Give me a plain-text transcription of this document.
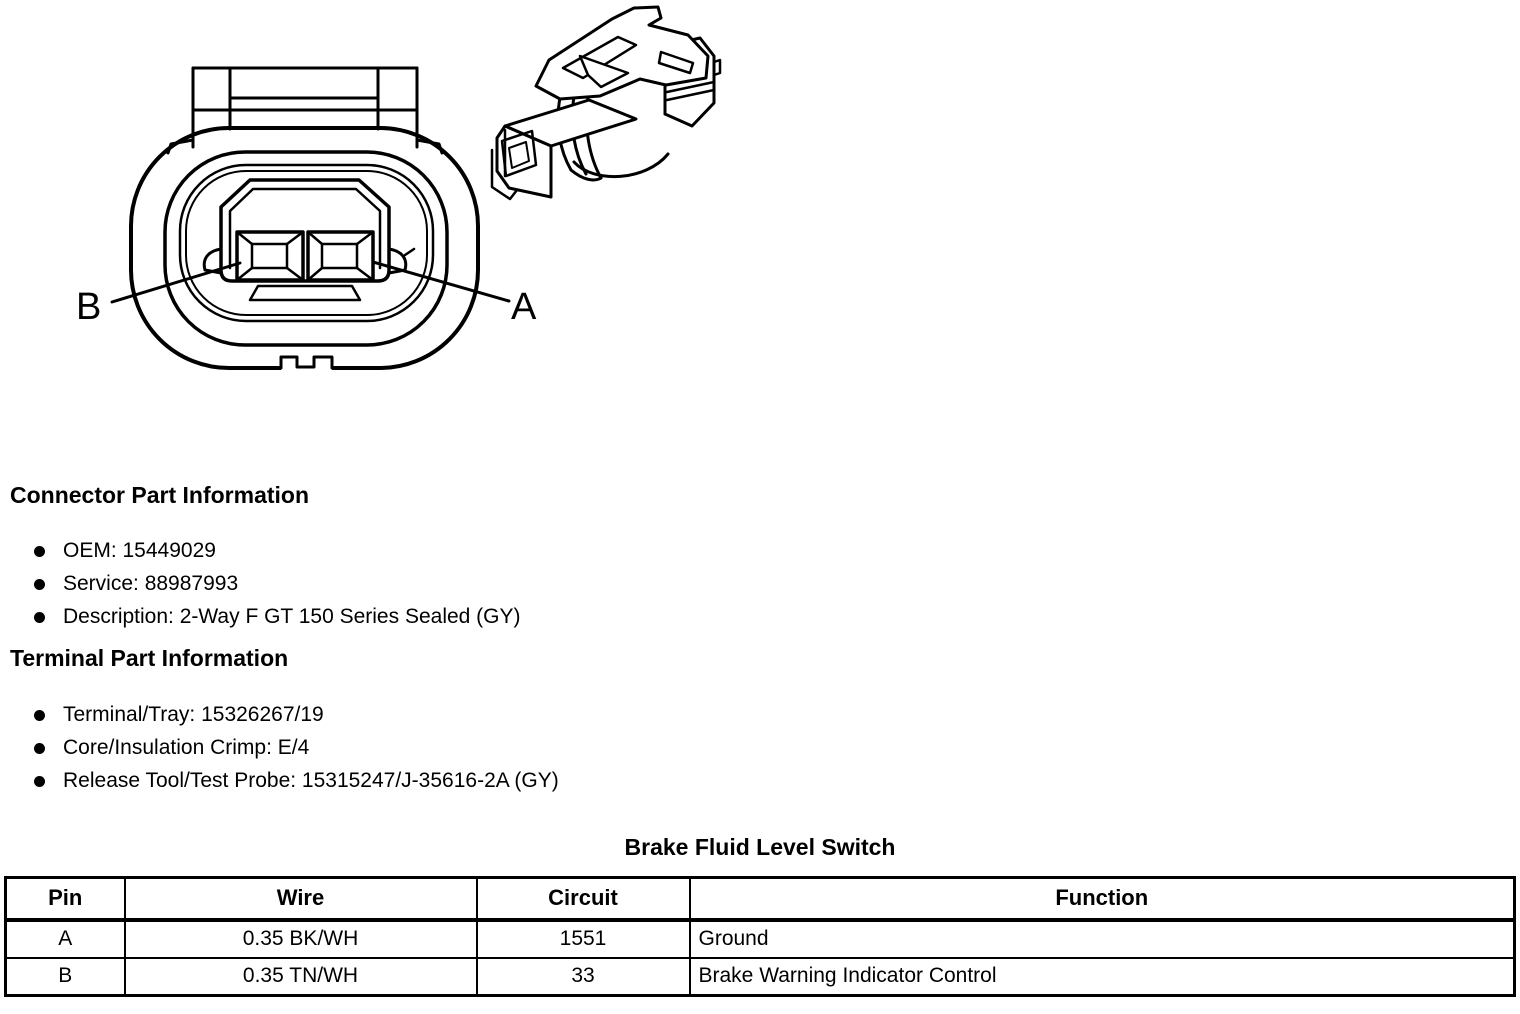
B	A
Connector Part Information
OEM: 15449029
Service: 88987993
Description: 2-Way F GT 150 Series Sealed (GY)
Terminal Part Information
Terminal/Tray: 15326267/19
Core/Insulation Crimp: E/4
Release Tool/Test Probe: 15315247/J-35616-2A (GY)
Brake Fluid Level Switch
Pin	Wire	Circuit	Function
A	0.35 BK/WH	1551	Ground
B	0.35 TN/WH	33	Brake Warning Indicator Control
